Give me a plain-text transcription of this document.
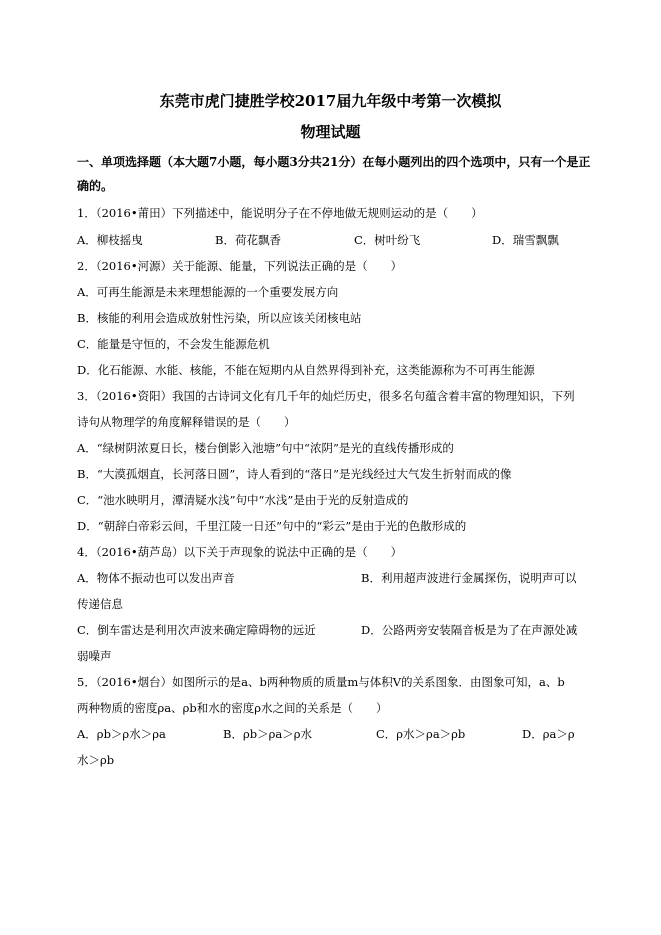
东莞市虎门捷胜学校2017届九年级中考第一次模拟
物理试题
一、单项选择题（本大题7小题，每小题3分共21分）在每小题列出的四个选项中，只有一个是正
确的。
1．（2016•莆田）下列描述中，能说明分子在不停地做无规则运动的是（　　）
A．柳枝摇曳	B．荷花飘香	C．树叶纷飞	D．瑞雪飘飘
2．（2016•河源）关于能源、能量，下列说法正确的是（　　）
A．可再生能源是未来理想能源的一个重要发展方向
B．核能的利用会造成放射性污染，所以应该关闭核电站
C．能量是守恒的，不会发生能源危机
D．化石能源、水能、核能，不能在短期内从自然界得到补充，这类能源称为不可再生能源
3．（2016•资阳）我国的古诗词文化有几千年的灿烂历史，很多名句蕴含着丰富的物理知识，下列
诗句从物理学的角度解释错误的是（　　）
A．“绿树阴浓夏日长，楼台倒影入池塘”句中“浓阴”是光的直线传播形成的
B．“大漠孤烟直，长河落日圆”，诗人看到的“落日”是光线经过大气发生折射而成的像
C．“池水映明月，潭清疑水浅”句中“水浅”是由于光的反射造成的
D．“朝辞白帝彩云间，千里江陵一日还”句中的“彩云”是由于光的色散形成的
4．（2016•葫芦岛）以下关于声现象的说法中正确的是（　　）
A．物体不振动也可以发出声音	B．利用超声波进行金属探伤，说明声可以
传递信息
C．倒车雷达是利用次声波来确定障碍物的远近	D．公路两旁安装隔音板是为了在声源处减
弱噪声
5．（2016•烟台）如图所示的是a、b两种物质的质量m与体积V的关系图象．由图象可知，a、b
两种物质的密度ρa、ρb和水的密度ρ水之间的关系是（　　）
A．ρb＞ρ水＞ρa	B．ρb＞ρa＞ρ水	C．ρ水＞ρa＞ρb	D．ρa＞ρ
水＞ρb
